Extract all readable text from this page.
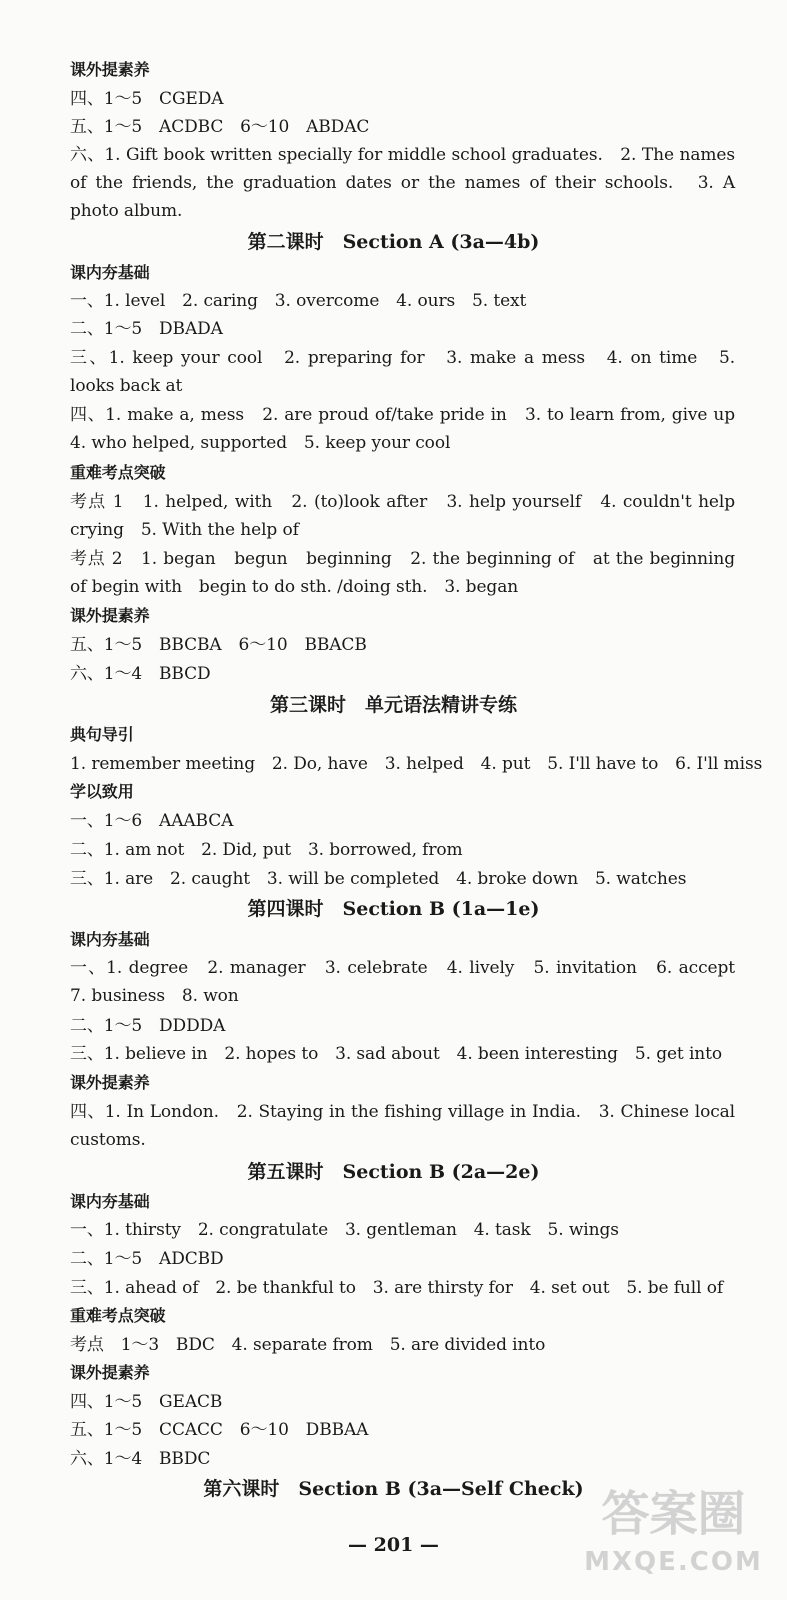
课外提素养
四、1～5　CGEDA
五、1～5　ACDBC　6～10　ABDAC
六、1. Gift book written specially for middle school graduates.　2. The names of the friends, the graduation dates or the names of their schools.　3. A photo album.
第二课时　Section A (3a—4b)
课内夯基础
一、1. level　2. caring　3. overcome　4. ours　5. text
二、1～5　DBADA
三、1. keep your cool　2. preparing for　3. make a mess　4. on time　5. looks back at
四、1. make a, mess　2. are proud of/take pride in　3. to learn from, give up　4. who helped, supported　5. keep your cool
重难考点突破
考点 1　1. helped, with　2. (to)look after　3. help yourself　4. couldn't help crying　5. With the help of
考点 2　1. began　begun　beginning　2. the beginning of　at the beginning of begin with　begin to do sth. /doing sth.　3. began
课外提素养
五、1～5　BBCBA　6～10　BBACB
六、1～4　BBCD
第三课时　单元语法精讲专练
典句导引
1. remember meeting　2. Do, have　3. helped　4. put　5. I'll have to　6. I'll miss
学以致用
一、1～6　AAABCA
二、1. am not　2. Did, put　3. borrowed, from
三、1. are　2. caught　3. will be completed　4. broke down　5. watches
第四课时　Section B (1a—1e)
课内夯基础
一、1. degree　2. manager　3. celebrate　4. lively　5. invitation　6. accept 7. business　8. won
二、1～5　DDDDA
三、1. believe in　2. hopes to　3. sad about　4. been interesting　5. get into
课外提素养
四、1. In London.　2. Staying in the fishing village in India.　3. Chinese local customs.
第五课时　Section B (2a—2e)
课内夯基础
一、1. thirsty　2. congratulate　3. gentleman　4. task　5. wings
二、1～5　ADCBD
三、1. ahead of　2. be thankful to　3. are thirsty for　4. set out　5. be full of
重难考点突破
考点　1～3　BDC　4. separate from　5. are divided into
课外提素养
四、1～5　GEACB
五、1～5　CCACC　6～10　DBBAA
六、1～4　BBDC
第六课时　Section B (3a—Self Check)
— 201 —
答案圈
MXQE.COM
